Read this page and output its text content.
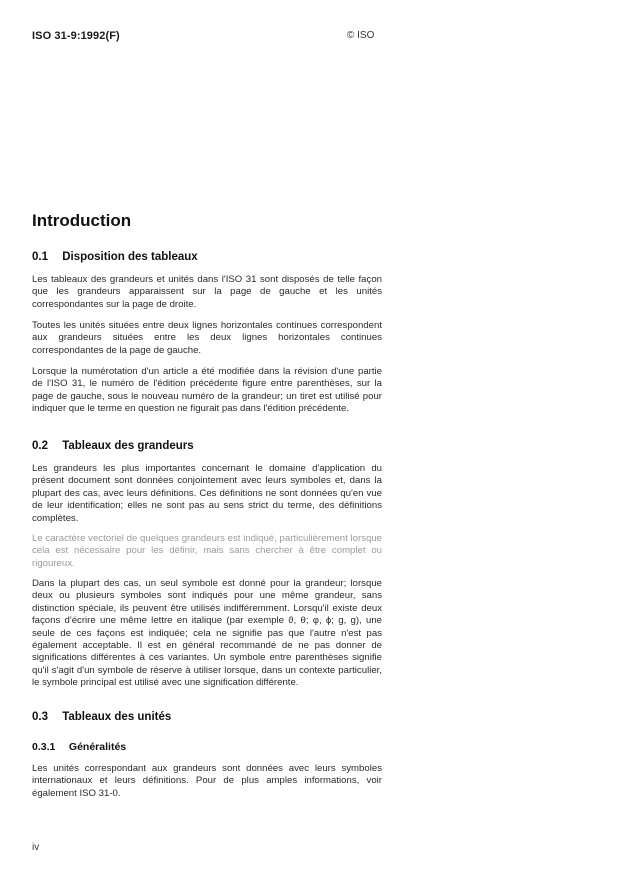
ISO 31-9:1992(F)	© ISO
Introduction
0.1 Disposition des tableaux

Les tableaux des grandeurs et unités dans l'ISO 31 sont disposés de telle façon que les grandeurs apparaissent sur la page de gauche et les unités correspondantes sur la page de droite.

Toutes les unités situées entre deux lignes horizontales continues correspondent aux grandeurs situées entre les deux lignes horizontales continues correspondantes de la page de gauche.

Lorsque la numérotation d'un article a été modifiée dans la révision d'une partie de l'ISO 31, le numéro de l'édition précédente figure entre parenthèses, sur la page de gauche, sous le nouveau numéro de la grandeur; un tiret est utilisé pour indiquer que le terme en question ne figurait pas dans l'édition précédente.

0.2 Tableaux des grandeurs

Les grandeurs les plus importantes concernant le domaine d'application du présent document sont données conjointement avec leurs symboles et, dans la plupart des cas, avec leurs définitions. Ces définitions ne sont données qu'en vue de leur identification; elles ne sont pas au sens strict du terme, des définitions complètes.

Le caractère vectoriel de quelques grandeurs est indiqué, particulièrement lorsque cela est nécessaire pour les définir, mais sans chercher à être complet ou rigoureux.

Dans la plupart des cas, un seul symbole est donné pour la grandeur; lorsque deux ou plusieurs symboles sont indiqués pour une même grandeur, sans distinction spéciale, ils peuvent être utilisés indifféremment. Lorsqu'il existe deux façons d'écrire une même lettre en italique (par exemple ϑ, θ; φ, ϕ; g, g), une seule de ces façons est indiquée; cela ne signifie pas que l'autre n'est pas également acceptable. Il est en général recommandé de ne pas donner de significations différentes à ces variantes. Un symbole entre parenthèses signifie qu'il s'agit d'un symbole de réserve à utiliser lorsque, dans un contexte particulier, le symbole principal est utilisé avec une signification différente.

0.3 Tableaux des unités
0.3.1 Généralités

Les unités correspondant aux grandeurs sont données avec leurs symboles internationaux et leurs définitions. Pour de plus amples informations, voir également ISO 31-0.

iv
